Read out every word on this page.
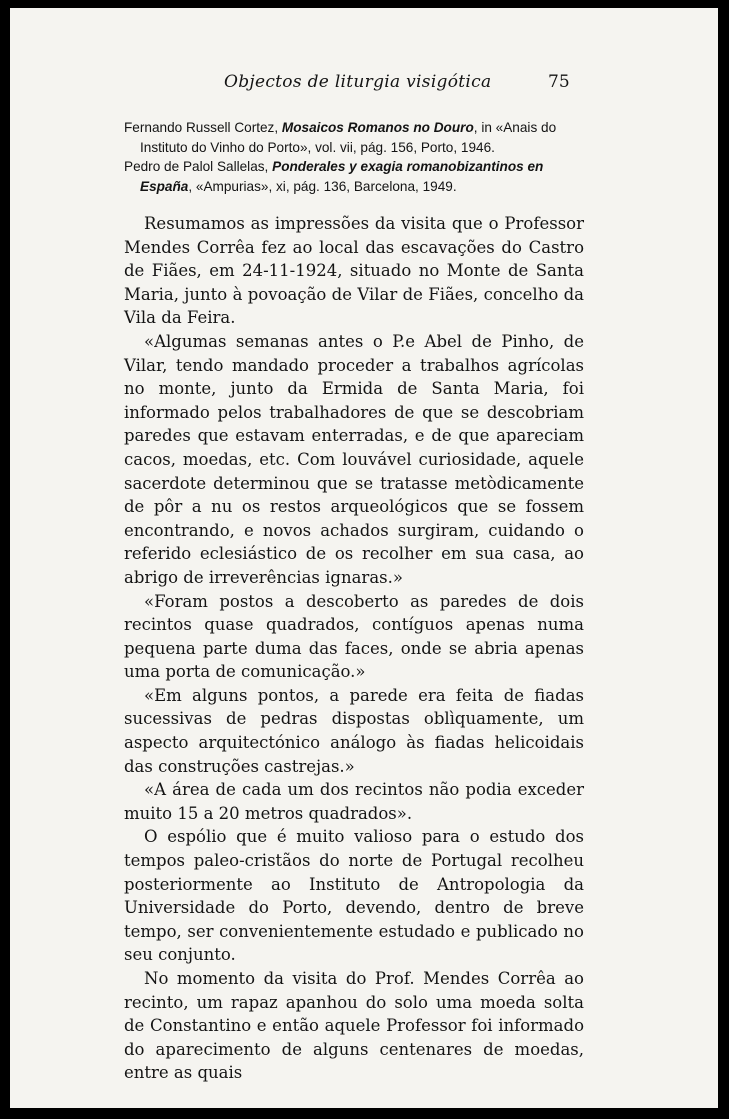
Objectos de liturgia visigótica	75

Fernando Russell Cortez, Mosaicos Romanos no Douro, in «Anais do
Instituto do Vinho do Porto», vol. vii, pág. 156, Porto, 1946.

Pedro de Palol Sallelas, Ponderales y exagia romanobizantinos en
España, «Ampurias», xi, pág. 136, Barcelona, 1949.

Resumamos as impressões da visita que o Professor Mendes Corrêa fez ao local das escavações do Castro de Fiães, em 24-11-1924, situado no Monte de Santa Maria, junto à povoação de Vilar de Fiães, concelho da Vila da Feira.

«Algumas semanas antes o P.e Abel de Pinho, de Vilar, tendo mandado proceder a trabalhos agrícolas no monte, junto da Ermida de Santa Maria, foi informado pelos trabalhadores de que se descobriam paredes que estavam enterradas, e de que apareciam cacos, moedas, etc. Com louvável curiosidade, aquele sacerdote determinou que se tratasse metòdicamente de pôr a nu os restos arqueológicos que se fossem encontrando, e novos achados surgiram, cuidando o referido eclesiástico de os recolher em sua casa, ao abrigo de irreverências ignaras.»

«Foram postos a descoberto as paredes de dois recintos quase quadrados, contíguos apenas numa pequena parte duma das faces, onde se abria apenas uma porta de comunicação.»

«Em alguns pontos, a parede era feita de fiadas sucessivas de pedras dispostas oblìquamente, um aspecto arquitectónico análogo às fiadas helicoidais das construções castrejas.»

«A área de cada um dos recintos não podia exceder muito 15 a 20 metros quadrados».

O espólio que é muito valioso para o estudo dos tempos paleo-cristãos do norte de Portugal recolheu posteriormente ao Instituto de Antropologia da Universidade do Porto, devendo, dentro de breve tempo, ser convenientemente estudado e publicado no seu conjunto.

No momento da visita do Prof. Mendes Corrêa ao recinto, um rapaz apanhou do solo uma moeda solta de Constantino e então aquele Professor foi informado do aparecimento de alguns centenares de moedas, entre as quais
